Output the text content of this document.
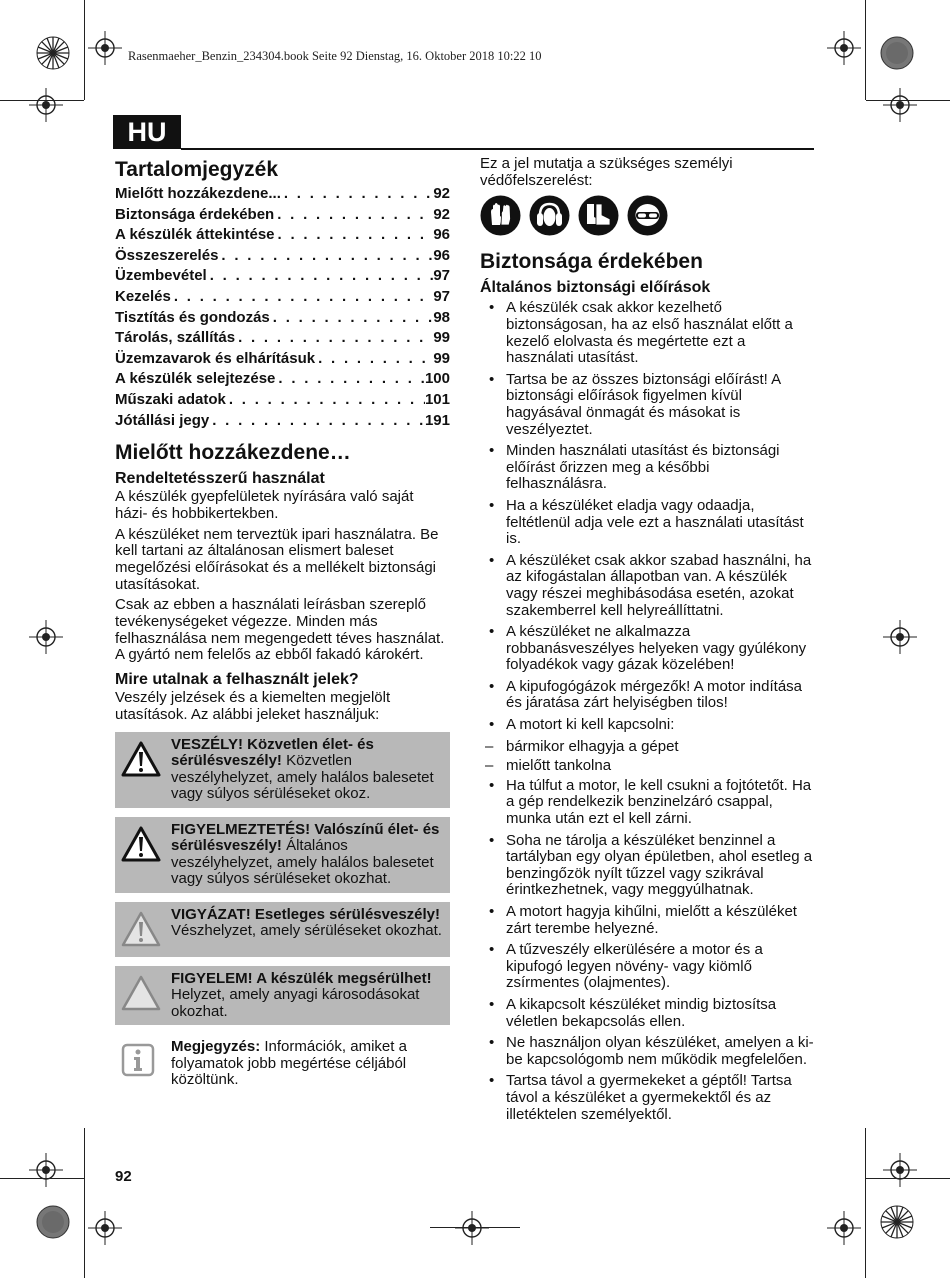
Rasenmaeher_Benzin_234304.book Seite 92 Dienstag, 16. Oktober 2018 10:22 10
HU
Tartalomjegyzék
Mielőtt hozzákezdene... . . .	92
Biztonsága érdekében . . .	92
A készülék áttekintése . . .	96
Összeszerelés . . .	96
Üzembevétel . . .	97
Kezelés . . .	97
Tisztítás és gondozás . . .	98
Tárolás, szállítás . . .	99
Üzemzavarok és elhárításuk . . .	99
A készülék selejtezése . . .	100
Műszaki adatok . . .	101
Jótállási jegy . . .	191
Mielőtt hozzákezdene…
Rendeltetésszerű használat

A készülék gyepfelületek nyírására való saját házi- és hobbikertekben.

A készüléket nem terveztük ipari használatra. Be kell tartani az általánosan elismert baleset megelőzési előírásokat és a mellékelt biztonsági utasításokat.

Csak az ebben a használati leírásban szereplő tevékenységeket végezze. Minden más felhasználása nem megengedett téves használat. A gyártó nem felelős az ebből fakadó károkért.

Mire utalnak a felhasznált jelek?

Veszély jelzések és a kiemelten megjelölt utasítások. Az alábbi jeleket használjuk:

VESZÉLY! Közvetlen élet- és sérülésveszély! Közvetlen veszélyhelyzet, amely halálos balesetet vagy súlyos sérüléseket okoz.
FIGYELMEZTETÉS! Valószínű élet- és sérülésveszély! Általános veszélyhelyzet, amely halálos balesetet vagy súlyos sérüléseket okozhat.
VIGYÁZAT! Esetleges sérülésveszély! Vészhelyzet, amely sérüléseket okozhat.
FIGYELEM! A készülék megsérülhet! Helyzet, amely anyagi károsodásokat okozhat.
Megjegyzés: Információk, amiket a folyamatok jobb megértése céljából közöltünk.

Ez a jel mutatja a szükséges személyi védőfelszerelést:

Biztonsága érdekében
Általános biztonsági előírások
• A készülék csak akkor kezelhető biztonságosan, ha az első használat előtt a kezelő elolvasta és megértette ezt a használati utasítást.
• Tartsa be az összes biztonsági előírást! A biztonsági előírások figyelmen kívül hagyásával önmagát és másokat is veszélyeztet.
• Minden használati utasítást és biztonsági előírást őrizzen meg a későbbi felhasználásra.
• Ha a készüléket eladja vagy odaadja, feltétlenül adja vele ezt a használati utasítást is.
• A készüléket csak akkor szabad használni, ha az kifogástalan állapotban van. A készülék vagy részei meghibásodása esetén, azokat szakemberrel kell helyreállíttatni.
• A készüléket ne alkalmazza robbanásveszélyes helyeken vagy gyúlékony folyadékok vagy gázak közelében!
• A kipufogógázok mérgezők! A motor indítása és járatása zárt helyiségben tilos!
• A motort ki kell kapcsolni:
– bármikor elhagyja a gépet
– mielőtt tankolna
• Ha túlfut a motor, le kell csukni a fojtótetőt. Ha a gép rendelkezik benzinelzáró csappal, munka után ezt el kell zárni.
• Soha ne tárolja a készüléket benzinnel a tartályban egy olyan épületben, ahol esetleg a benzingőzök nyílt tűzzel vagy szikrával érintkezhetnek, vagy meggyúlhatnak.
• A motort hagyja kihűlni, mielőtt a készüléket zárt terembe helyezné.
• A tűzveszély elkerülésére a motor és a kipufogó legyen növény- vagy kiömlő zsírmentes (olajmentes).
• A kikapcsolt készüléket mindig biztosítsa véletlen bekapcsolás ellen.
• Ne használjon olyan készüléket, amelyen a ki-be kapcsológomb nem működik megfelelően.
• Tartsa távol a gyermekeket a géptől! Tartsa távol a készüléket a gyermekektől és az illetéktelen személyektől.
92
